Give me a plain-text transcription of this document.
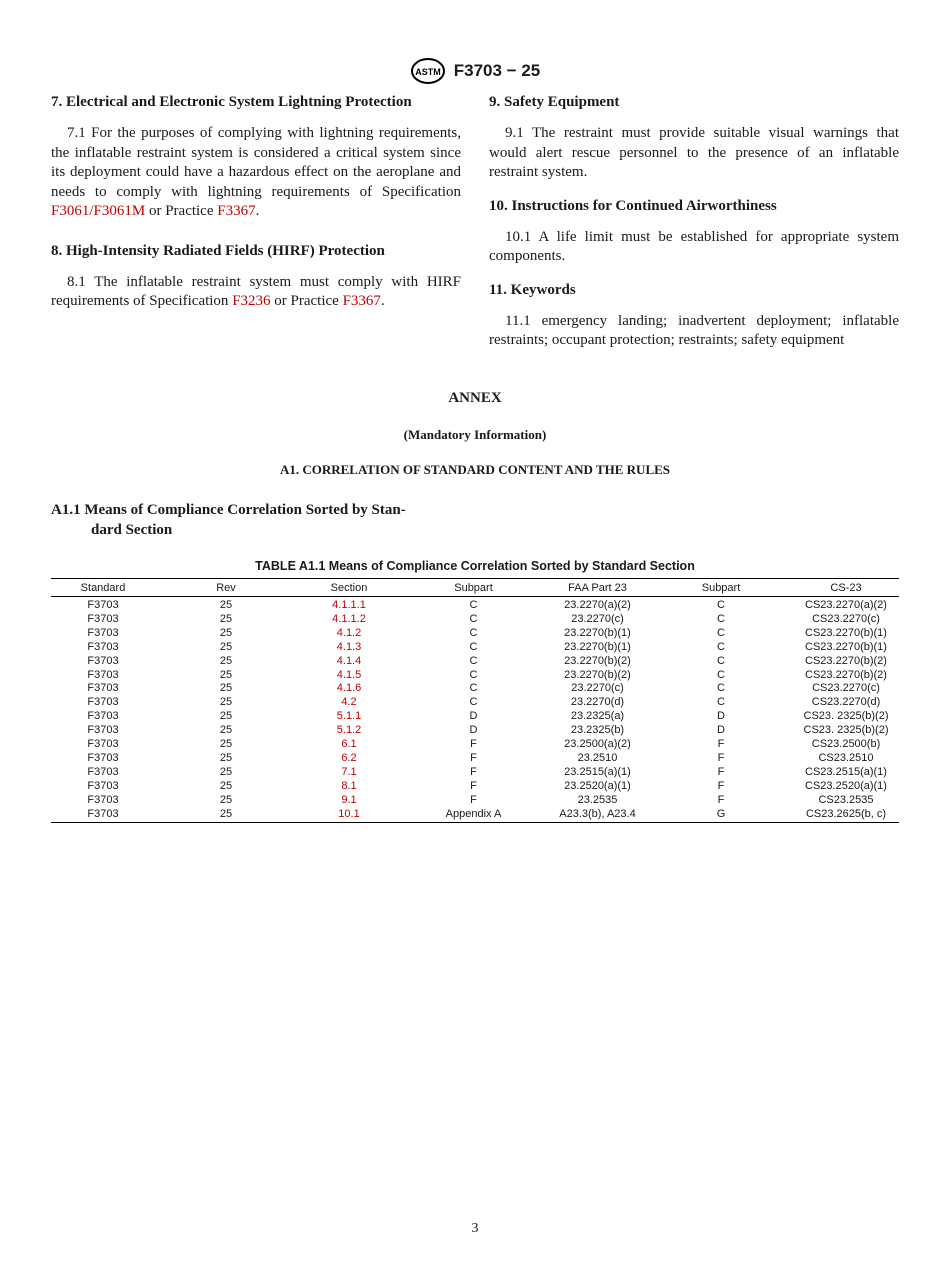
ASTM F3703 − 25
7. Electrical and Electronic System Lightning Protection

7.1 For the purposes of complying with lightning requirements, the inflatable restraint system is considered a critical system since its deployment could have a hazardous effect on the aeroplane and needs to comply with lightning requirements of Specification F3061/F3061M or Practice F3367.

8. High-Intensity Radiated Fields (HIRF) Protection

8.1 The inflatable restraint system must comply with HIRF requirements of Specification F3236 or Practice F3367.

9. Safety Equipment

9.1 The restraint must provide suitable visual warnings that would alert rescue personnel to the presence of an inflatable restraint system.

10. Instructions for Continued Airworthiness

10.1 A life limit must be established for appropriate system components.

11. Keywords

11.1 emergency landing; inadvertent deployment; inflatable restraints; occupant protection; restraints; safety equipment

ANNEX
(Mandatory Information)
A1. CORRELATION OF STANDARD CONTENT AND THE RULES
A1.1 Means of Compliance Correlation Sorted by Stan-
dard Section
TABLE A1.1 Means of Compliance Correlation Sorted by Standard Section
Standard	Rev	Section	Subpart	FAA Part 23	Subpart	CS-23
F3703	25	4.1.1.1	C	23.2270(a)(2)	C	CS23.2270(a)(2)
F3703	25	4.1.1.2	C	23.2270(c)	C	CS23.2270(c)
F3703	25	4.1.2	C	23.2270(b)(1)	C	CS23.2270(b)(1)
F3703	25	4.1.3	C	23.2270(b)(1)	C	CS23.2270(b)(1)
F3703	25	4.1.4	C	23.2270(b)(2)	C	CS23.2270(b)(2)
F3703	25	4.1.5	C	23.2270(b)(2)	C	CS23.2270(b)(2)
F3703	25	4.1.6	C	23.2270(c)	C	CS23.2270(c)
F3703	25	4.2	C	23.2270(d)	C	CS23.2270(d)
F3703	25	5.1.1	D	23.2325(a)	D	CS23. 2325(b)(2)
F3703	25	5.1.2	D	23.2325(b)	D	CS23. 2325(b)(2)
F3703	25	6.1	F	23.2500(a)(2)	F	CS23.2500(b)
F3703	25	6.2	F	23.2510	F	CS23.2510
F3703	25	7.1	F	23.2515(a)(1)	F	CS23.2515(a)(1)
F3703	25	8.1	F	23.2520(a)(1)	F	CS23.2520(a)(1)
F3703	25	9.1	F	23.2535	F	CS23.2535
F3703	25	10.1	Appendix A	A23.3(b), A23.4	G	CS23.2625(b, c)
3
